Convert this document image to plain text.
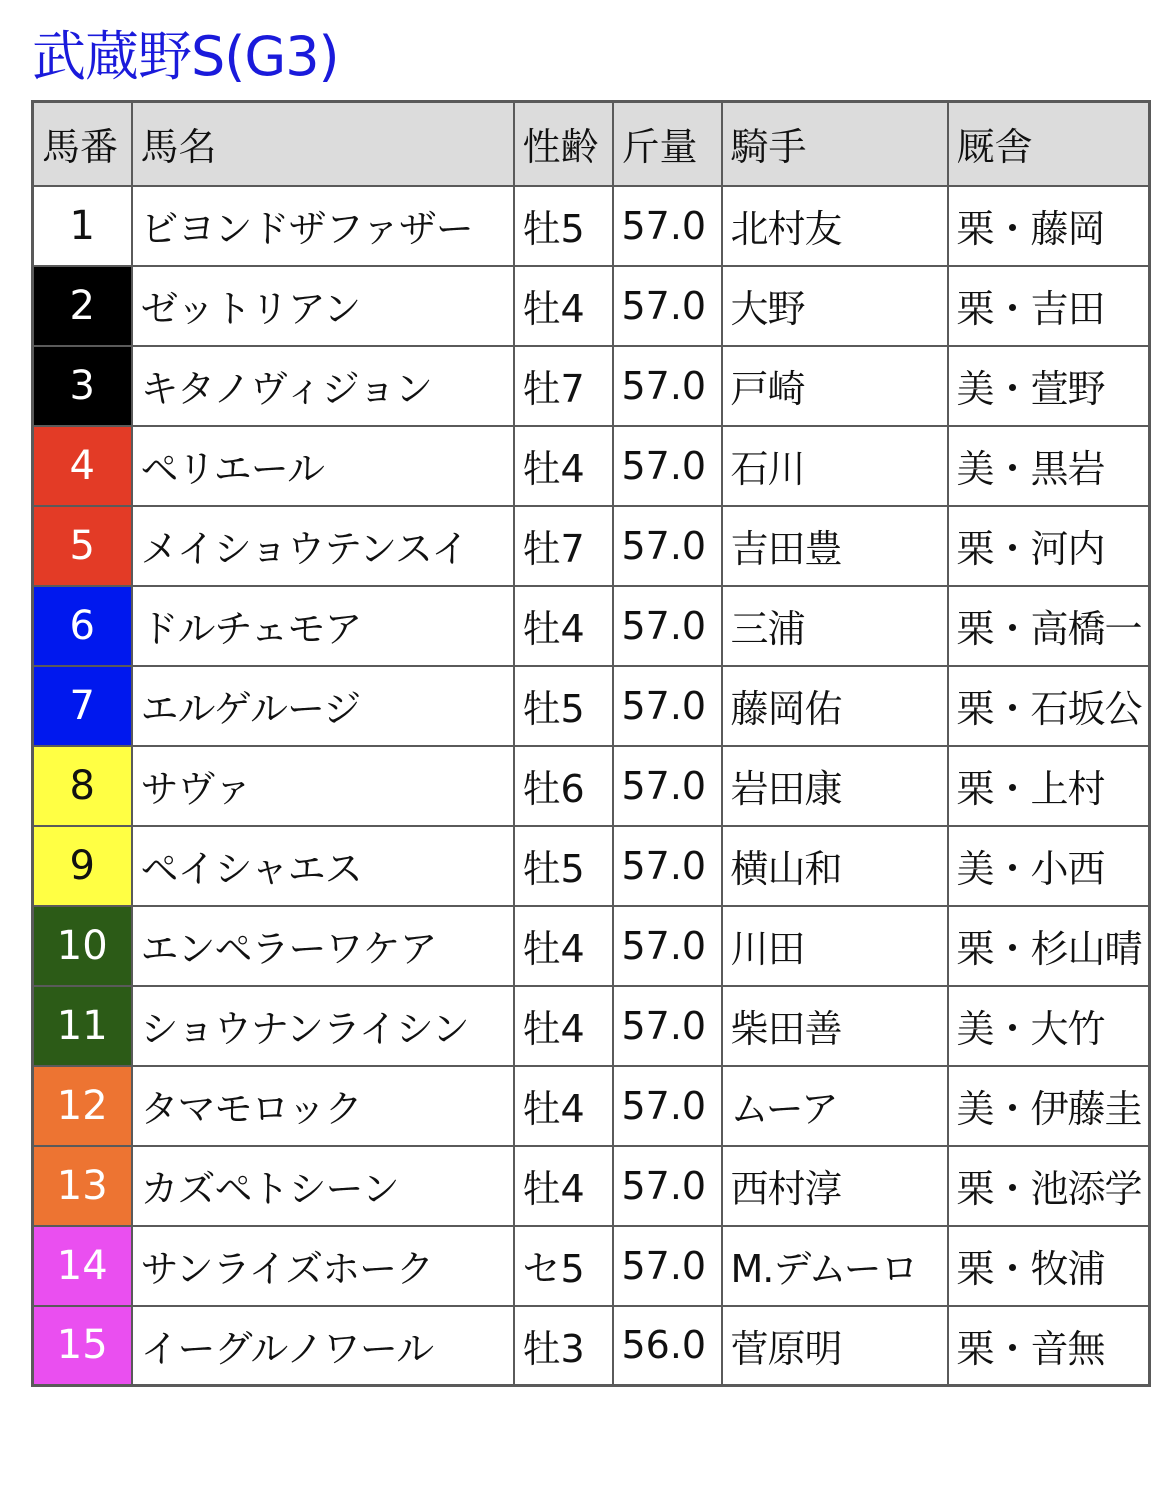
武蔵野S(G3)
馬番	馬名	性齢	斤量	騎手	厩舎
1	ビヨンドザファザー	牡5	57.0	北村友	栗・藤岡
2	ゼットリアン	牡4	57.0	大野	栗・吉田
3	キタノヴィジョン	牡7	57.0	戸崎	美・萱野
4	ペリエール	牡4	57.0	石川	美・黒岩
5	メイショウテンスイ	牡7	57.0	吉田豊	栗・河内
6	ドルチェモア	牡4	57.0	三浦	栗・高橋一
7	エルゲルージ	牡5	57.0	藤岡佑	栗・石坂公
8	サヴァ	牡6	57.0	岩田康	栗・上村
9	ペイシャエス	牡5	57.0	横山和	美・小西
10	エンペラーワケア	牡4	57.0	川田	栗・杉山晴
11	ショウナンライシン	牡4	57.0	柴田善	美・大竹
12	タマモロック	牡4	57.0	ムーア	美・伊藤圭
13	カズペトシーン	牡4	57.0	西村淳	栗・池添学
14	サンライズホーク	セ5	57.0	M.デムーロ	栗・牧浦
15	イーグルノワール	牡3	56.0	菅原明	栗・音無
